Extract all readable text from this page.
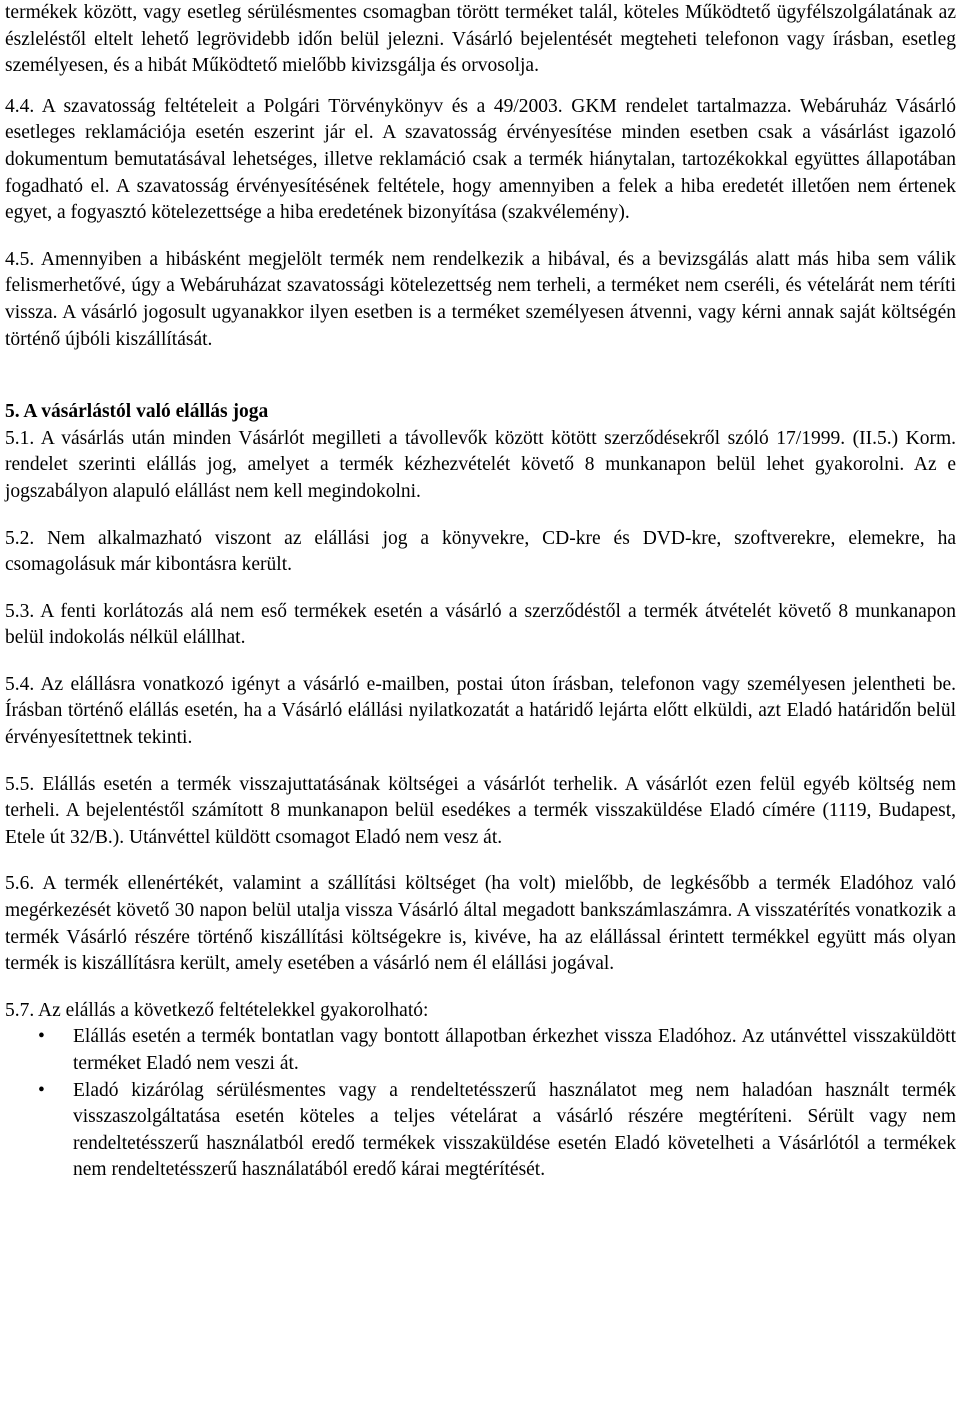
termékek között, vagy esetleg sérülésmentes csomagban törött terméket talál, köteles Működtető ügyfélszolgálatának az észleléstől eltelt lehető legrövidebb időn belül jelezni. Vásárló bejelentését megteheti telefonon vagy írásban, esetleg személyesen, és a hibát Működtető mielőbb kivizsgálja és orvosolja.

4.4. A szavatosság feltételeit a Polgári Törvénykönyv és a 49/2003. GKM rendelet tartalmazza. Webáruház Vásárló esetleges reklamációja esetén eszerint jár el. A szavatosság érvényesítése minden esetben csak a vásárlást igazoló dokumentum bemutatásával lehetséges, illetve reklamáció csak a termék hiánytalan, tartozékokkal együttes állapotában fogadható el. A szavatosság érvényesítésének feltétele, hogy amennyiben a felek a hiba eredetét illetően nem értenek egyet, a fogyasztó kötelezettsége a hiba eredetének bizonyítása (szakvélemény).

4.5. Amennyiben a hibásként megjelölt termék nem rendelkezik a hibával, és a bevizsgálás alatt más hiba sem válik felismerhetővé, úgy a Webáruházat szavatossági kötelezettség nem terheli, a terméket nem cseréli, és vételárát nem téríti vissza. A vásárló jogosult ugyanakkor ilyen esetben is a terméket személyesen átvenni, vagy kérni annak saját költségén történő újbóli kiszállítását.

5. A vásárlástól való elállás joga

5.1. A vásárlás után minden Vásárlót megilleti a távollevők között kötött szerződésekről szóló 17/1999. (II.5.) Korm. rendelet szerinti elállás jog, amelyet a termék kézhezvételét követő 8 munkanapon belül lehet gyakorolni. Az e jogszabályon alapuló elállást nem kell megindokolni.

5.2. Nem alkalmazható viszont az elállási jog a könyvekre, CD-kre és DVD-kre, szoftverekre, elemekre, ha csomagolásuk már kibontásra került.

5.3. A fenti korlátozás alá nem eső termékek esetén a vásárló a szerződéstől a termék átvételét követő 8 munkanapon belül indokolás nélkül elállhat.

5.4. Az elállásra vonatkozó igényt a vásárló e-mailben, postai úton írásban, telefonon vagy személyesen jelentheti be. Írásban történő elállás esetén, ha a Vásárló elállási nyilatkozatát a határidő lejárta előtt elküldi, azt Eladó határidőn belül érvényesítettnek tekinti.

5.5. Elállás esetén a termék visszajuttatásának költségei a vásárlót terhelik. A vásárlót ezen felül egyéb költség nem terheli. A bejelentéstől számított 8 munkanapon belül esedékes a termék visszaküldése Eladó címére (1119, Budapest, Etele út 32/B.). Utánvéttel küldött csomagot Eladó nem vesz át.

5.6. A termék ellenértékét, valamint a szállítási költséget (ha volt) mielőbb, de legkésőbb a termék Eladóhoz való megérkezését követő 30 napon belül utalja vissza Vásárló által megadott bankszámlaszámra. A visszatérítés vonatkozik a termék Vásárló részére történő kiszállítási költségekre is, kivéve, ha az elállással érintett termékkel együtt más olyan termék is kiszállításra került, amely esetében a vásárló nem él elállási jogával.

5.7. Az elállás a következő feltételekkel gyakorolható:

• Elállás esetén a termék bontatlan vagy bontott állapotban érkezhet vissza Eladóhoz. Az utánvéttel visszaküldött terméket Eladó nem veszi át.
• Eladó kizárólag sérülésmentes vagy a rendeltetésszerű használatot meg nem haladóan használt termék visszaszolgáltatása esetén köteles a teljes vételárat a vásárló részére megtéríteni. Sérült vagy nem rendeltetésszerű használatból eredő termékek visszaküldése esetén Eladó követelheti a Vásárlótól a termékek nem rendeltetésszerű használatából eredő kárai megtérítését.
